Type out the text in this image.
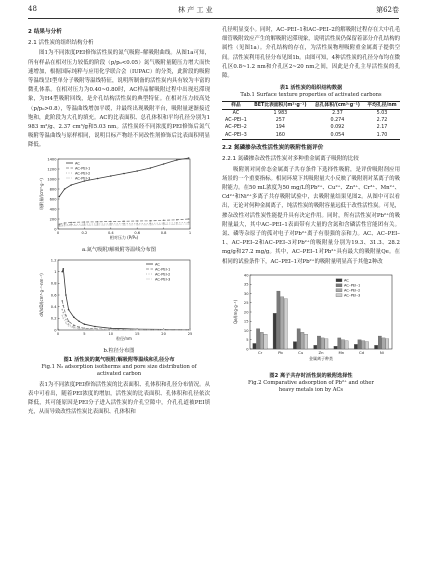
48	林 产 工 业	第62卷
2 结果与分析
2.1 活性炭的组织结构分析

图1为不同浓度PEI修饰活性炭的氮气吸附–解吸附曲线。从图1a可知，所有样品在相对压力较低的阶段（p/p₀<0.05）氮气吸附量随压力增大而快速增加，根据国际纯粹与应用化学联合会（IUPAC）的分类，此阶段的吸附等温线呈Ⅰ型单分子吸附等温线特征，说明所制备的活性炭内具有较为丰富的微孔体系。在相对压力为0.40~0.80时，AC样品解吸附过程中出现迟滞现象，为H4型吸附回线，是介孔结构活性炭的典型特征。在相对压力较高处（p/p₀>0.8），等温曲线增加平缓，并最终出现吸附平台，吸附量逐渐接近饱和，此阶段为大孔的填充。AC的比表面积、总孔体积和平均孔径分别为1 983 m²/g、2.37 cm³/g和5.03 nm。活性炭经不同浓度的PEI修饰后氮气吸附等温曲线与原样相同，说明目标产物经不同改性剂修饰后比表面积明显降低。

0	0.2	0.4	0.6	0.8	1
0
200
400
600
800
1000
1200
1400
相对压力 (P/P₀)
吸附量/(cm³·g⁻¹)
AC
AC-PEI-1
AC-PEI-2
AC-PEI-3
a.氮气吸附/解吸附等温线分布图
0	5	10	15	20	25
0
0.2
0.4
0.6
0.8
1
1.2
粒径/nm
dV/dD/(cm³·g⁻¹·nm⁻¹)
AC
AC-PEI-1
AC-PEI-2
AC-PEI-3
b.粒径分布图
图1 活性炭的氮气吸附/解吸附等温线和孔径分布
Fig.1 N₂ adsorption isotherms and pore size distribution of
activated carbon

表1为不同浓度PEI修饰活性炭的比表面积、孔体积和孔径分布情况。从表中可看出，随着PEI浓度的增加，活性炭的比表面积、孔体积和孔径依次降低，其可能原因是PEI分子进入活性炭的介孔空隙中，介孔孔道被PEI填充，从而导致改性活性炭比表面积、孔体积和

孔径明显变小。同时，AC–PEI–1和AC–PEI–2的解吸附过程存在大中孔毛细管吸附效应产生的解吸附迟滞现象，说明活性炭仍保留着部分介孔结构的属性（见图1a）。介孔结构的存在，为活性炭物理吸附重金属离子提供空间。活性炭利用孔径分布见图1b。由图可知，4种活性炭的孔径分布均在微孔区0.8~1.2 nm和介孔区2~20 nm之间，因此是介孔主导活性炭的孔隙。

表1 活性炭的组织结构数据
Tab.1 Surface texture properties of activated carbons
样品	BET比表面积/(m²·g⁻¹)	总孔体积/(cm³·g⁻¹)	平均孔径/nm
AC	1 983	2.37	5.03
AC–PEI–1	257	0.274	2.72
AC–PEI–2	194	0.092	2.17
AC–PEI–3	160	0.054	1.70
2.2 氮磷掺杂改性活性炭的吸附性能评价
2.2.1 氮磷掺杂改性活性炭对多种重金属离子吸附的比较

吸附剂对同价态金属离子共存条件下选择性吸附，是评价吸附剂应用场景的一个重要指标。相同环境下其吸附量大小反映了吸附剂对某离子的吸附能力。在50 mL浓度为50 mg/L的Pb²⁺、Cu²⁺、Zn²⁺、Cr³⁺、Mn²⁺、Cd²⁺和Ni²⁺多离子共存吸附试验中，去吸附量结果见图2。从图中可以看出，无论对何种金属离子，纯活性炭的吸附容量远低于改性活性炭。可见，掺杂改性对活性炭性能提升具有决定作用。同时，所有活性炭对Pb²⁺的吸附量最大，其中AC–PEI–1表面带有大量的含氮和含磷活性官能团有关。氮、磷等杂原子的孤对电子对Pb²⁺离子有很强的亲和力。AC、AC–PEI–1、AC–PEI–2和AC–PEI–3对Pb²⁺的吸附量分别为19.3、31.3、28.2 mg/g和27.2 mg/g。其中，AC–PEI–1对Pb²⁺具有最大的吸附量Qe。在相同的试验条件下，AC–PEI–1对Pb²⁺的吸附量明显高于其他2种改

0
5
10
15
20
25
30
35
40
Cr	Pb	Cu	Zn	Mn	Cd	Ni
金属离子种类
Qe/(mg·g⁻¹)
AC
AC–PEI–1
AC–PEI–2
AC–PEI–3
图2 离子共存时活性炭的吸附选择性
Fig.2 Comparative adsorption of Pb²⁺ and other
heavy metals ion by ACs
